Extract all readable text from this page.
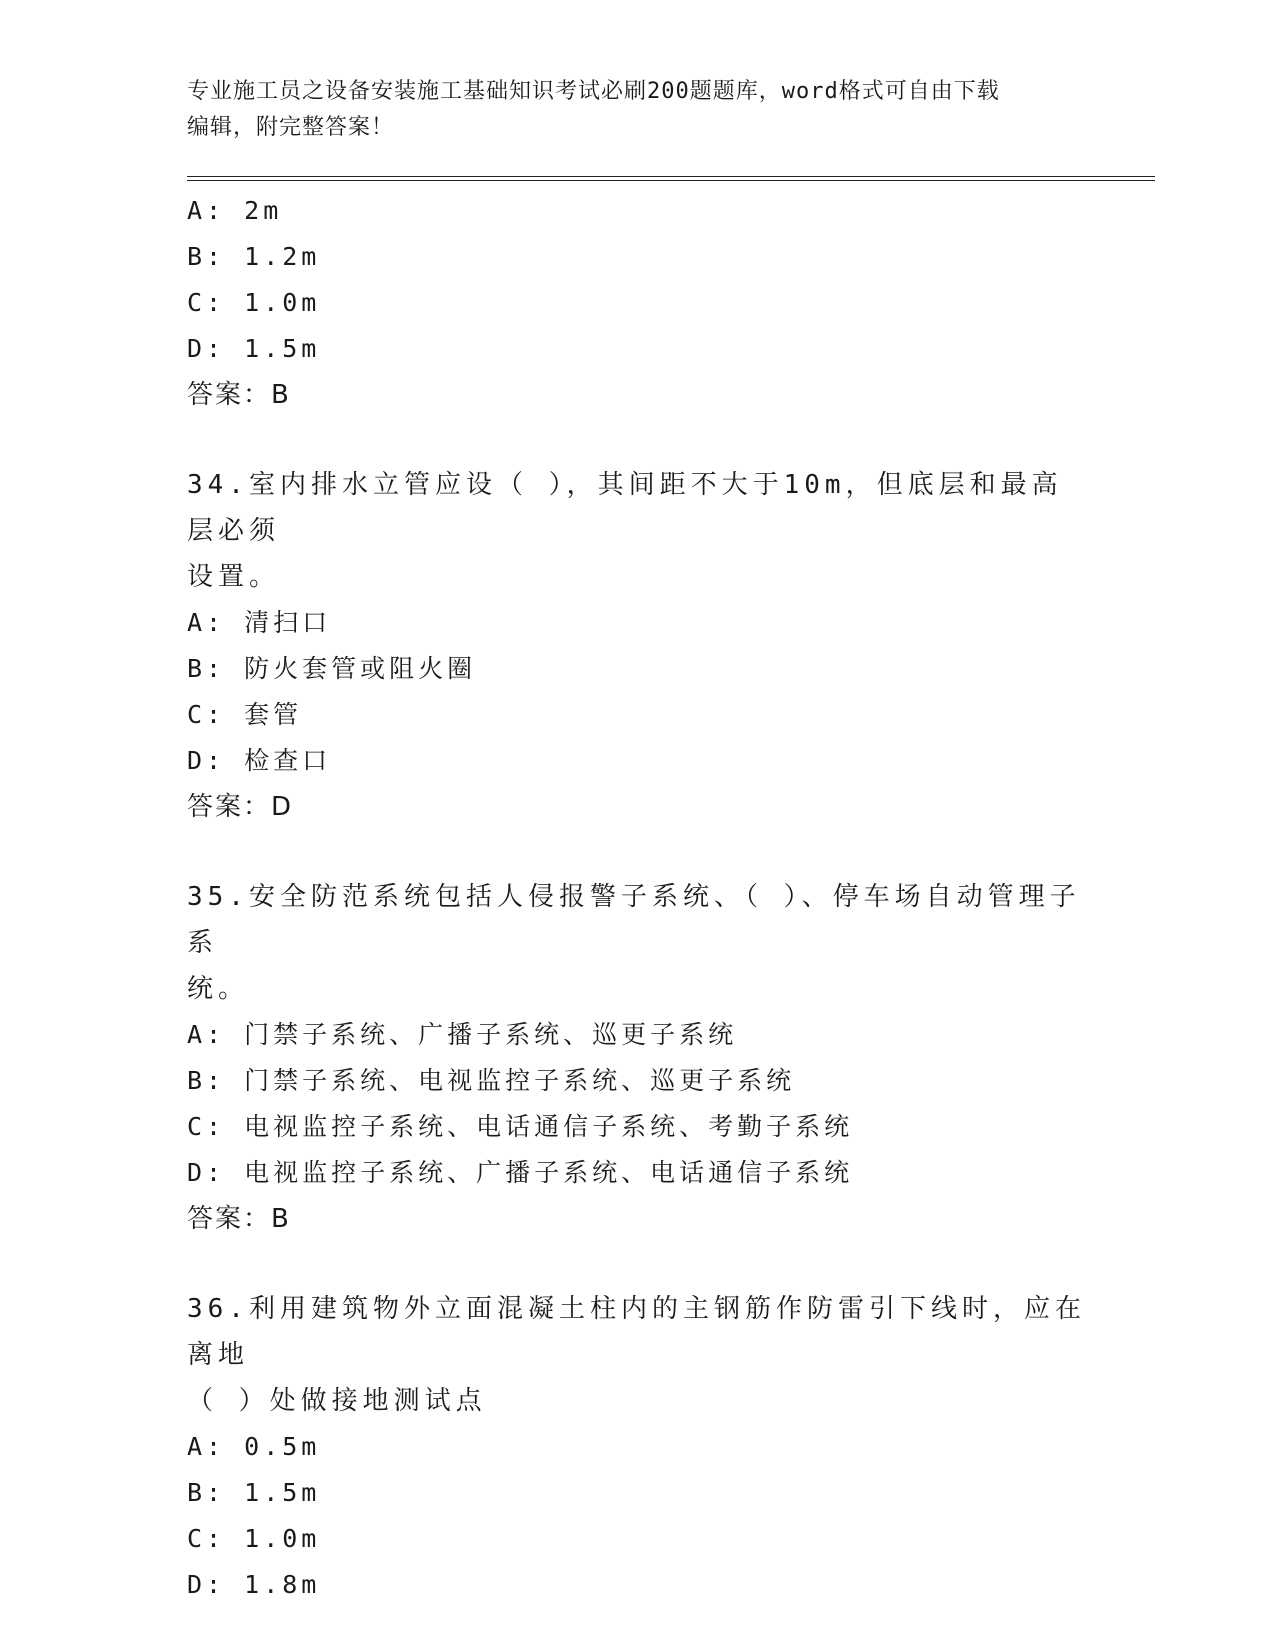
专业施工员之设备安装施工基础知识考试必刷200题题库，word格式可自由下载
编辑，附完整答案！
A: 2m
B: 1.2m
C: 1.0m
D: 1.5m
答案：B
34.室内排水立管应设（ ），其间距不大于10m，但底层和最高层必须
设置。
A: 清扫口
B: 防火套管或阻火圈
C: 套管
D: 检查口
答案：D
35.安全防范系统包括人侵报警子系统、（ ）、停车场自动管理子系
统。
A: 门禁子系统、广播子系统、巡更子系统
B: 门禁子系统、电视监控子系统、巡更子系统
C: 电视监控子系统、电话通信子系统、考勤子系统
D: 电视监控子系统、广播子系统、电话通信子系统
答案：B
36.利用建筑物外立面混凝土柱内的主钢筋作防雷引下线时，应在离地
（ ）处做接地测试点
A: 0.5m
B: 1.5m
C: 1.0m
D: 1.8m
